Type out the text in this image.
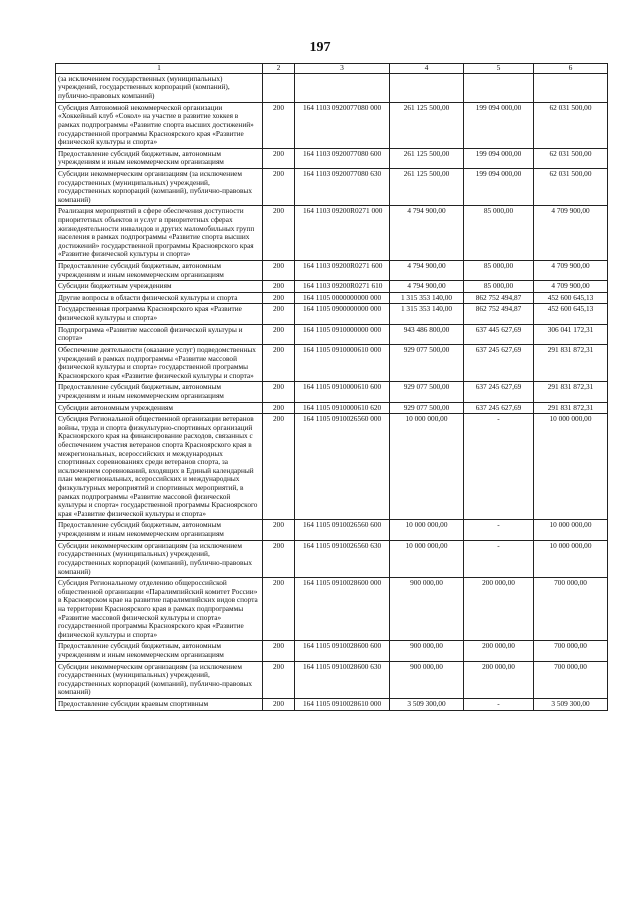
197
1	2	3	4	5	6
(за исключением государственных (муниципальных) учреждений, государственных корпораций (компаний), публично-правовых компаний)					
Субсидия Автономной некоммерческой организации «Хоккейный клуб «Сокол» на участие в развитие хоккея в рамках подпрограммы «Развитие спорта высших достижений» государственной программы Красноярского края «Развитие физической культуры и спорта»	200	164 1103 0920077080 000	261 125 500,00	199 094 000,00	62 031 500,00
Предоставление субсидий бюджетным, автономным учреждениям и иным некоммерческим организациям	200	164 1103 0920077080 600	261 125 500,00	199 094 000,00	62 031 500,00
Субсидии некоммерческим организациям (за исключением государственных (муниципальных) учреждений, государственных корпораций (компаний), публично-правовых компаний)	200	164 1103 0920077080 630	261 125 500,00	199 094 000,00	62 031 500,00
Реализация мероприятий в сфере обеспечения доступности приоритетных объектов и услуг в приоритетных сферах жизнедеятельности инвалидов и других маломобильных групп населения в рамках подпрограммы «Развитие спорта высших достижений» государственной программы Красноярского края «Развитие физической культуры и спорта»	200	164 1103 09200R0271 000	4 794 900,00	85 000,00	4 709 900,00
Предоставление субсидий бюджетным, автономным учреждениям и иным некоммерческим организациям	200	164 1103 09200R0271 600	4 794 900,00	85 000,00	4 709 900,00
Субсидии бюджетным учреждениям	200	164 1103 09200R0271 610	4 794 900,00	85 000,00	4 709 900,00
Другие вопросы в области физической культуры и спорта	200	164 1105 0000000000 000	1 315 353 140,00	862 752 494,87	452 600 645,13
Государственная программа Красноярского края «Развитие физической культуры и спорта»	200	164 1105 0900000000 000	1 315 353 140,00	862 752 494,87	452 600 645,13
Подпрограмма «Развитие массовой физической культуры и спорта»	200	164 1105 0910000000 000	943 486 800,00	637 445 627,69	306 041 172,31
Обеспечение деятельности (оказание услуг) подведомственных учреждений в рамках подпрограммы «Развитие массовой физической культуры и спорта» государственной программы Красноярского края «Развитие физической культуры и спорта»	200	164 1105 0910000610 000	929 077 500,00	637 245 627,69	291 831 872,31
Предоставление субсидий бюджетным, автономным учреждениям и иным некоммерческим организациям	200	164 1105 0910000610 600	929 077 500,00	637 245 627,69	291 831 872,31
Субсидии автономным учреждениям	200	164 1105 0910000610 620	929 077 500,00	637 245 627,69	291 831 872,31
Субсидия Региональной общественной организации ветеранов войны, труда и спорта физкультурно-спортивных организаций Красноярского края на финансирование расходов, связанных с обеспечением участия ветеранов спорта Красноярского края в межрегиональных, всероссийских и международных спортивных соревнованиях среди ветеранов спорта, за исключением соревнований, входящих в Единый календарный план межрегиональных, всероссийских и международных физкультурных мероприятий и спортивных мероприятий, в рамках подпрограммы «Развитие массовой физической культуры и спорта» государственной программы Красноярского края «Развитие физической культуры и спорта»	200	164 1105 0910026560 000	10 000 000,00	-	10 000 000,00
Предоставление субсидий бюджетным, автономным учреждениям и иным некоммерческим организациям	200	164 1105 0910026560 600	10 000 000,00	-	10 000 000,00
Субсидии некоммерческим организациям (за исключением государственных (муниципальных) учреждений, государственных корпораций (компаний), публично-правовых компаний)	200	164 1105 0910026560 630	10 000 000,00	-	10 000 000,00
Субсидия Региональному отделению общероссийской общественной организации «Паралимпийский комитет России» в Красноярском крае на развитие паралимпийских видов спорта на территории Красноярского края в рамках подпрограммы «Развитие массовой физической культуры и спорта» государственной программы Красноярского края «Развитие физической культуры и спорта»	200	164 1105 0910028600 000	900 000,00	200 000,00	700 000,00
Предоставление субсидий бюджетным, автономным учреждениям и иным некоммерческим организациям	200	164 1105 0910028600 600	900 000,00	200 000,00	700 000,00
Субсидии некоммерческим организациям (за исключением государственных (муниципальных) учреждений, государственных корпораций (компаний), публично-правовых компаний)	200	164 1105 0910028600 630	900 000,00	200 000,00	700 000,00
Предоставление субсидии краевым спортивным	200	164 1105 0910028610 000	3 509 300,00	-	3 509 300,00
